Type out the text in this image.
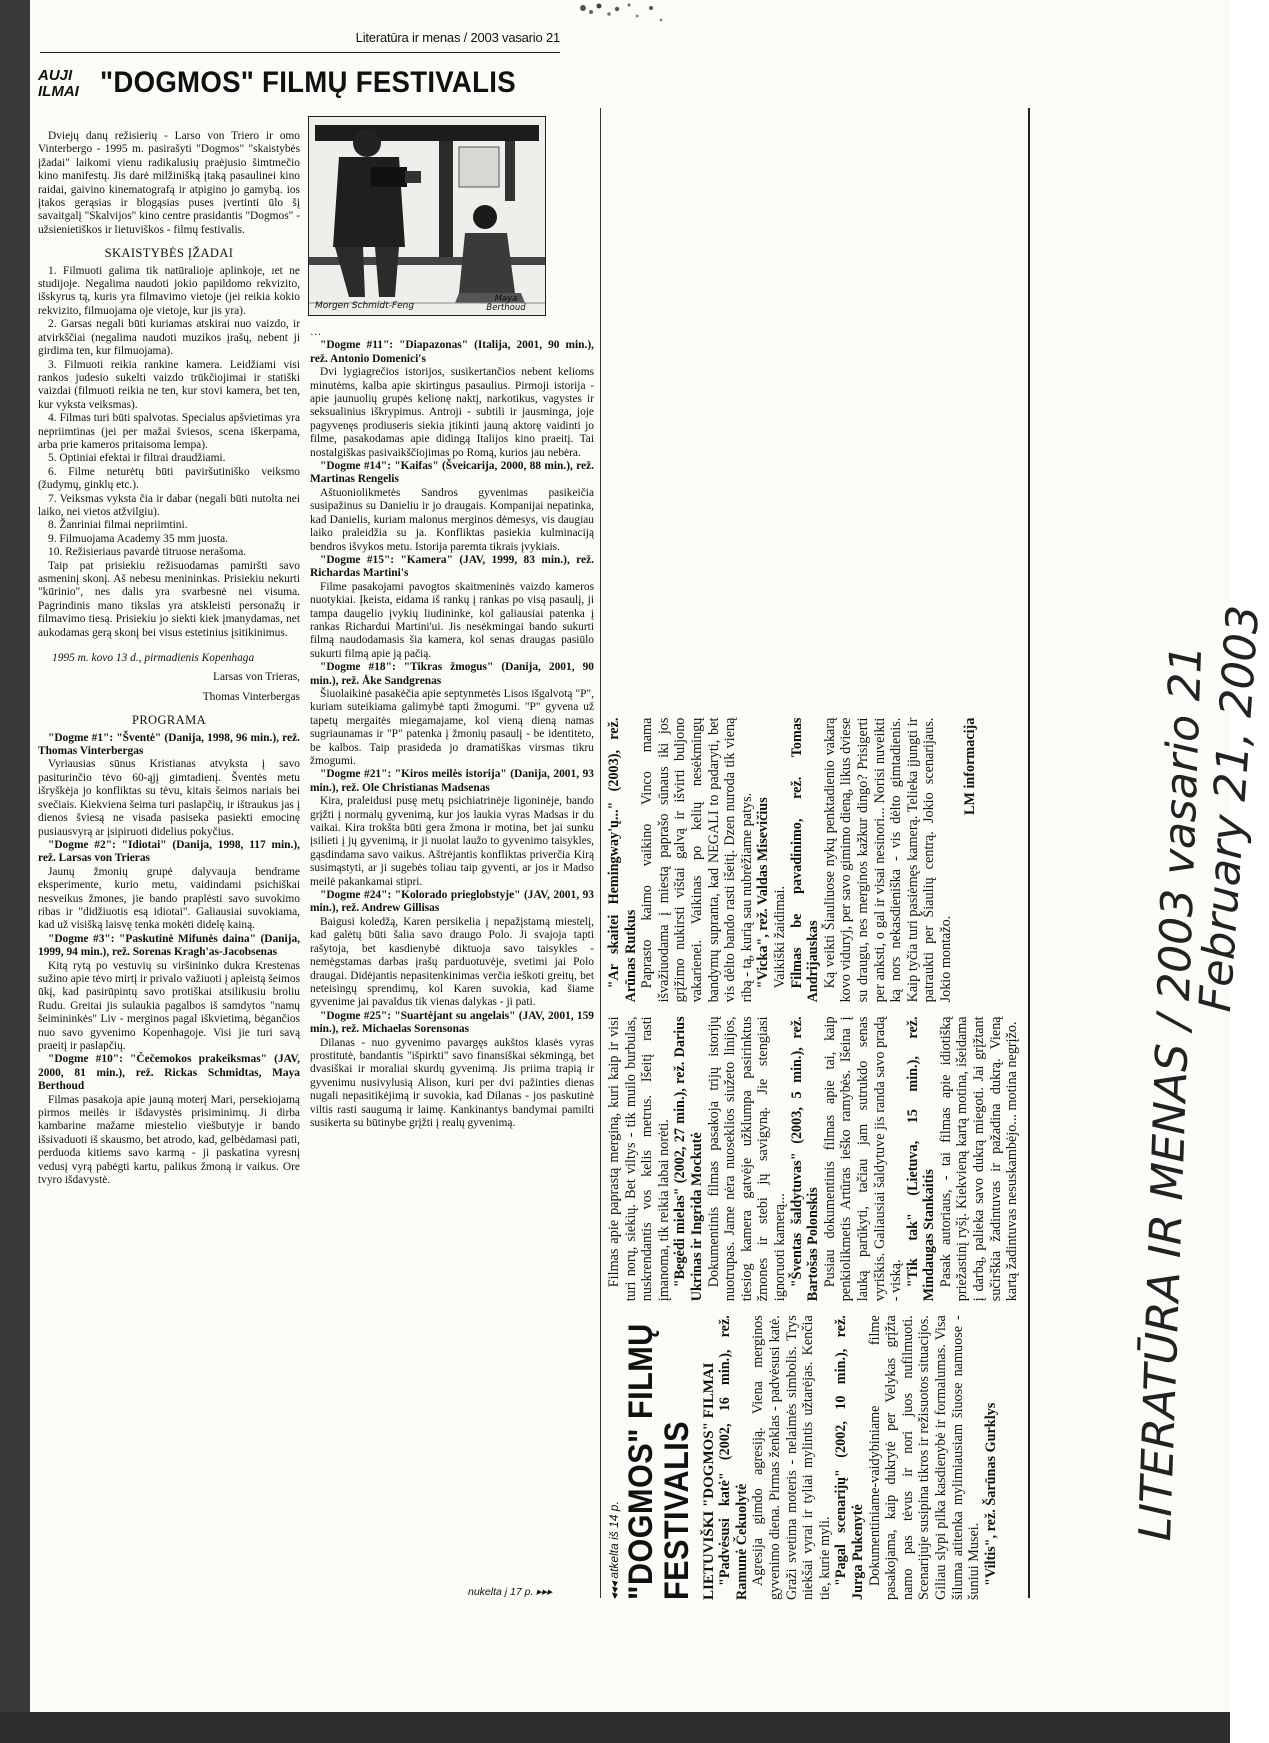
Literatūra ir menas / 2003 vasario 21
AUJI
ILMAI "DOGMOS" FILMŲ FESTIVALIS

Dviejų danų režisierių - Larso von Triero ir omo Vinterbergo - 1995 m. pasirašyti "Dogmos" "skaistybės įžadai" laikomi vienu radikalusių praėjusio šimtmečio kino manifestų. Jis darė milžinišką įtaką pasaulinei kino raidai, gaivino kinematografą ir atpigino jo gamybą. ios įtakos gerąsias ir blogąsias puses įvertinti ūlo šį savaitgalį "Skalvijos" kino centre prasidantis "Dogmos" - užsienietiškos ir lietuviškos - filmų festivalis.

SKAISTYBĖS ĮŽADAI

1. Filmuoti galima tik natūralioje aplinkoje, ıet ne studijoje. Negalima naudoti jokio papildomo rekvizito, išskyrus tą, kuris yra filmavimo vietoje (jei reikia kokio rekvizito, filmuojama oje vietoje, kur jis yra).

2. Garsas negali būti kuriamas atskirai nuo vaizdo, ir atvirkščiai (negalima naudoti muzikos įrašų, nebent ji girdima ten, kur filmuojama).

3. Filmuoti reikia rankine kamera. Leidžiami visi rankos judesio sukelti vaizdo trūkčiojimai ir statiški vaizdai (filmuoti reikia ne ten, kur stovi kamera, bet ten, kur vyksta veiksmas).

4. Filmas turi būti spalvotas. Specialus apšvietimas yra nepriimtinas (jei per mažai šviesos, scena iškerpama, arba prie kameros pritaisoma lempa).

5. Optiniai efektai ir filtrai draudžiami.

6. Filme neturėtų būti paviršutiniško veiksmo (žudymų, ginklų etc.).

7. Veiksmas vyksta čia ir dabar (negali būti nutolta nei laiko, nei vietos atžvilgiu).

8. Žanriniai filmai nepriimtini.

9. Filmuojama Academy 35 mm juosta.

10. Režisieriaus pavardė titruose nerašoma.

Taip pat prisiekiu režisuodamas pamiršti savo asmeninį skonį. Aš nebesu menininkas. Prisiekiu nekurti "kūrinio", nes dalis yra svarbesnė nei visuma. Pagrindinis mano tikslas yra atskleisti personažų ir filmavimo tiesą. Prisiekiu jo siekti kiek įmanydamas, net aukodamas gerą skonį bei visus estetinius įsitikinimus.

1995 m. kovo 13 d., pirmadienis Kopenhaga

Larsas von Trieras,
Thomas Vinterbergas
PROGRAMA

"Dogme #1": "Šventė" (Danija, 1998, 96 min.), rež. Thomas Vinterbergas

Vyriausias sūnus Kristianas atvyksta į savo pasiturinčio tėvo 60-ąjį gimtadienį. Šventės metu išryškėja jo konfliktas su tėvu, kitais šeimos nariais bei svečiais. Kiekviena šeima turi paslapčių, ir ištraukus jas į dienos šviesą ne visada pasiseka pasiekti emocinę pusiausvyrą ar įsipiruoti didelius pokyčius.

"Dogme #2": "Idiotai" (Danija, 1998, 117 min.), rež. Larsas von Trieras

Jaunų žmonių grupė dalyvauja bendrame eksperimente, kurio metu, vaidindami psichiškai nesveikus žmones, jie bando praplėsti savo suvokimo ribas ir "didžiuotis esą idiotai". Galiausiai suvokiama, kad už visišką laisvę tenka mokėti didelę kainą.

"Dogme #3": "Paskutinė Mifunės daina" (Danija, 1999, 94 min.), rež. Sorenas Kragh'as-Jacobsenas

Kitą rytą po vestuvių su viršininko dukra Krestenas sužino apie tėvo mirtį ir privalo važiuoti į apleistą šeimos ūkį, kad pasirūpintų savo protiškai atsilikusiu broliu Rudu. Greitai jis sulaukia pagalbos iš samdytos "namų šeimininkės" Liv - merginos pagal iškvietimą, bėgančios nuo savo gyvenimo Kopenhagoje. Visi jie turi savą praeitį ir paslapčių.

"Dogme #10": "Čečemokos prakeiksmas" (JAV, 2000, 81 min.), rež. Rickas Schmidtas, Maya Berthoud

Filmas pasakoja apie jauną moterį Mari, persekiojamą pirmos meilės ir išdavystės prisiminimų. Ji dirba kambarine mažame miestelio viešbutyje ir bando išsivaduoti iš skausmo, bet atrodo, kad, gelbėdamasi pati, perduoda kitiems savo karmą - ji paskatina vyresnį vedusį vyrą pabėgti kartu, palikus žmoną ir vaikus. Ore tvyro išdavystė.

Morgen Schmidt-Feng
Maya Berthoud

…

"Dogme #11": "Diapazonas" (Italija, 2001, 90 min.), rež. Antonio Domenici's

Dvi lygiagrečios istorijos, susikertančios nebent kelioms minutėms, kalba apie skirtingus pasaulius. Pirmoji istorija - apie jaunuolių grupės kelionę naktį, narkotikus, vagystes ir seksualinius iškrypimus. Antroji - subtili ir jausminga, joje pagyvenęs prodiuseris siekia įtikinti jauną aktorę vaidinti jo filme, pasakodamas apie didingą Italijos kino praeitį. Tai nostalgiškas pasivaikščiojimas po Romą, kurios jau nebėra.

"Dogme #14": "Kaifas" (Šveicarija, 2000, 88 min.), rež. Martinas Rengelis

Aštuoniolikmetės Sandros gyvenimas pasikeičia susipažinus su Danieliu ir jo draugais. Kompanijai nepatinka, kad Danielis, kuriam malonus merginos dėmesys, vis daugiau laiko praleidžia su ja. Konfliktas pasiekia kulminaciją bendros išvykos metu. Istorija paremta tikrais įvykiais.

"Dogme #15": "Kamera" (JAV, 1999, 83 min.), rež. Richardas Martini's

Filme pasakojami pavogtos skaitmeninės vaizdo kameros nuotykiai. Įkeista, eidama iš rankų į rankas po visą pasaulį, ji tampa daugelio įvykių liudininke, kol galiausiai patenka į rankas Richardui Martini'ui. Jis nesėkmingai bando sukurti filmą naudodamasis šia kamera, kol senas draugas pasiūlo sukurti filmą apie ją pačią.

"Dogme #18": "Tikras žmogus" (Danija, 2001, 90 min.), rež. Åke Sandgrenas

Šiuolaikinė pasakėčia apie septynmetės Lisos išgalvotą "P", kuriam suteikiama galimybė tapti žmogumi. "P" gyvena už tapetų mergaitės miegamajame, kol vieną dieną namas sugriaunamas ir "P" patenka į žmonių pasaulį - be identiteto, be kalbos. Taip prasideda jo dramatiškas virsmas tikru žmogumi.

"Dogme #21": "Kiros meilės istorija" (Danija, 2001, 93 min.), rež. Ole Christianas Madsenas

Kira, praleidusi pusę metų psichiatrinėje ligoninėje, bando grįžti į normalų gyvenimą, kur jos laukia vyras Madsas ir du vaikai. Kira trokšta būti gera žmona ir motina, bet jai sunku įsilieti į jų gyvenimą, ir ji nuolat laužo to gyvenimo taisykles, gąsdindama savo vaikus. Aštrėjantis konfliktas priverčia Kirą susimąstyti, ar ji sugebės toliau taip gyventi, ar jos ir Madso meilė pakankamai stipri.

"Dogme #24": "Kolorado prieglobstyje" (JAV, 2001, 93 min.), rež. Andrew Gillisas

Baigusi koledžą, Karen persikelia į nepažįstamą miestelį, kad galėtų būti šalia savo draugo Polo. Ji svajoja tapti rašytoja, bet kasdienybė diktuoja savo taisykles - nemėgstamas darbas įrašų parduotuvėje, svetimi jai Polo draugai. Didėjantis nepasitenkinimas verčia ieškoti greitų, bet neteisingų sprendimų, kol Karen suvokia, kad šiame gyvenime jai pavaldus tik vienas dalykas - ji pati.

"Dogme #25": "Suartėjant su angelais" (JAV, 2001, 159 min.), rež. Michaelas Sorensonas

Dilanas - nuo gyvenimo pavargęs aukštos klasės vyras prostitutė, bandantis "išpirkti" savo finansiškai sėkmingą, bet dvasiškai ir moraliai skurdų gyvenimą. Jis priima trapią ir gyvenimu nusivylusią Alison, kuri per dvi pažinties dienas nugali nepasitikėjimą ir suvokia, kad Dilanas - jos paskutinė viltis rasti saugumą ir laimę. Kankinantys bandymai pamilti susikerta su būtinybe grįžti į realų gyvenimą.

nukelta į 17 p. ▸▸▸	◂◂◂ atkelta iš 14 p. "DOGMOS" FILMŲ
FESTIVALIS LIETUVIŠKI "DOGMOS" FILMAI "Padvėsusi katė" (2002, 16 min.), rež. Ramunė Čekuolytė Agresija gimdo agresiją. Viena merginos gyvenimo diena. Pirmas ženklas - padvėsusi katė. Graži svetima moteris - nelaimės simbolis. Trys niekšai vyrai ir tyliai mylintis užtarėjas. Kenčia tie, kurie myli. "Pagal scenarijų" (2002, 10 min.), rež. Jurga Pukenytė Dokumentiniame-vaidybiniame filme pasakojama, kaip dukrytė per Velykas grįžta namo pas tėvus ir nori juos nufilmuoti. Scenarijuje susipina tikros ir režisuotos situacijos. Giliau slypi pilka kasdienybė ir formalumas. Visa šiluma atitenka mylimiausiam šiuose namuose - šuniui Musei. "Viltis", rež. Šarūnas Gurklys

Filmas apie paprastą merginą, kuri kaip ir visi turi norų, siekių. Bet viltys - tik muilo burbulas, nuskrendantis vos kelis metrus. Išeitį rasti įmanoma, tik reikia labai norėti. "Begėdi mielas" (2002, 27 min.), rež. Darius Ukrinas ir Ingrida Mockutė Dokumentinis filmas pasakoja trijų istorijų nuotrupas. Jame nėra nuoseklios siužeto linijos, tiesiog kamera gatvėje užklumpa pasirinktus žmones ir stebi jų savigyną. Jie stengiasi ignoruoti kamerą... "Šventas šaldytuvas" (2003, 5 min.), rež. Bartošas Polonskis Pusiau dokumentinis filmas apie tai, kaip penkiolikmetis Artūras ieško ramybės. Išeina į lauką parūkyti, tačiau jam sutrukdo senas vyriškis. Galiausiai šaldytuve jis randa savo pradą - viską. "Tik tak" (Lietuva, 15 min.), rež. Mindaugas Stankaitis Pasak autoriaus, - tai filmas apie idiotišką priežastinį ryšį. Kiekvieną kartą motina, išeidama į darbą, palieka savo dukrą miegoti. Jai grįžtant sučirškia žadintuvas ir pažadina dukrą. Vieną kartą žadintuvas nesuskambėjo... motina negrįžo.

"Ar skaitei Hemingway'ų..." (2003), rež. Arūnas Rutkus Paprasto kaimo vaikino Vinco mama išvažiuodama į miestą paprašo sūnaus iki jos grįžimo nukirsti vištai galvą ir išvirti buljono vakarienei. Vaikinas po kelių nesėkmingų bandymų supranta, kad NEGALI to padaryti, bet vis dėlto bando rasti išeitį. Dzen nuroda tik vieną ribą - tą, kurią sau nubrėžiame patys. "Vicka", rež. Valdas Misevičius Vaikiški žaidimai. Filmas be pavadinimo, rež. Tomas Andrijauskas Ką veikti Šiauliuose nykų penktadienio vakarą kovo viduryj, per savo gimimo dieną, likus dviese su draugu, nes merginos kažkur dingo? Prisigerti per anksti, o gal ir visai nesinori... Norisi nuveikti ką nors nekasdieniška - vis dėlto gimtadienis. Kaip tyčia turi pasiėmęs kamerą. Telieka įjungti ir patraukti per Šiaulių centrą. Jokio scenarijaus. Jokio montažo.

LM informacija	LITERATŪRA IR MENAS / 2003 vasario 21
February 21, 2003
